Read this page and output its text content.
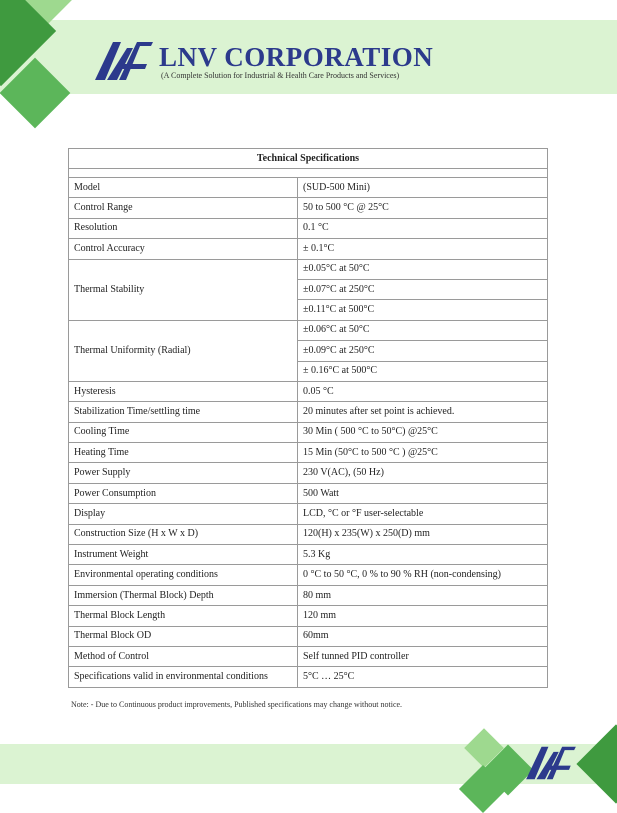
LNV CORPORATION
(A Complete Solution for Industrial & Health Care Products and Services)
Technical Specifications	

Model	(SUD-500 Mini)
Control Range	50 to 500 °C @ 25°C
Resolution	0.1 °C
Control Accuracy	± 0.1°C
Thermal Stability	±0.05°C at 50°C
	±0.07°C at 250°C
	±0.11°C at 500°C
Thermal Uniformity (Radial)	±0.06°C at 50°C
	±0.09°C at 250°C
	± 0.16°C at 500°C
Hysteresis	0.05 °C
Stabilization Time/settling time	20 minutes after set point is achieved.
Cooling Time	30 Min ( 500 °C to 50°C) @25°C
Heating Time	15 Min (50°C to 500 °C ) @25°C
Power Supply	230 V(AC), (50 Hz)
Power Consumption	500 Watt
Display	LCD, °C or °F user-selectable
Construction Size (H x W x D)	120(H) x 235(W) x 250(D) mm
Instrument Weight	5.3 Kg
Environmental operating conditions	0 °C to 50 °C, 0 % to 90 % RH (non-condensing)
Immersion (Thermal Block) Depth	80 mm
Thermal Block Length	120 mm
Thermal Block OD	60mm
Method of Control	Self tunned PID controller
Specifications valid in environmental conditions	5°C … 25°C
Note: - Due to Continuous product improvements, Published specifications may change without notice.
